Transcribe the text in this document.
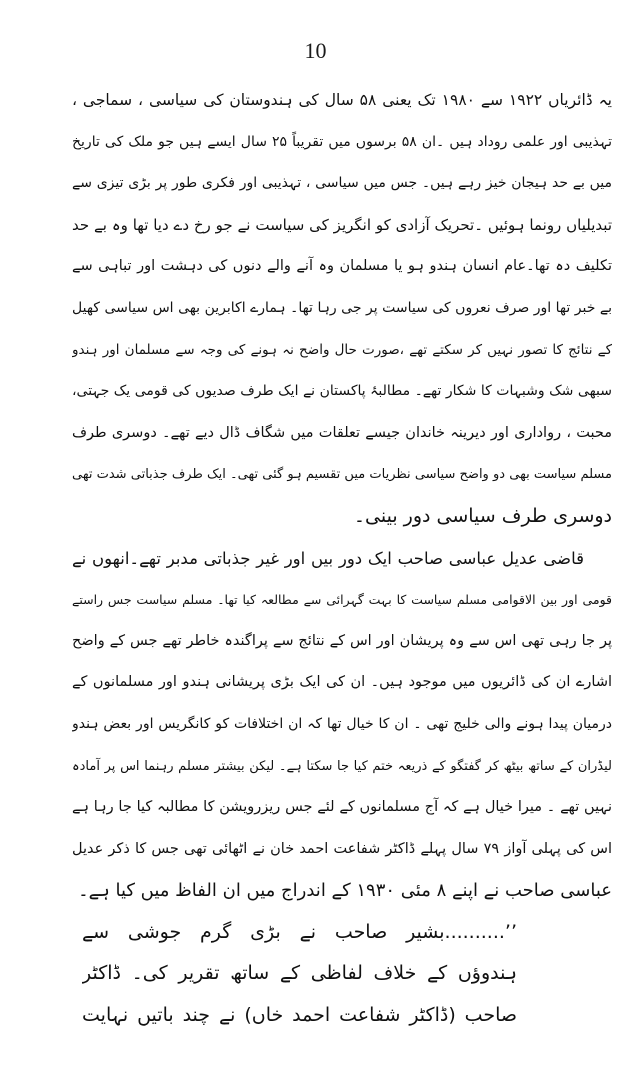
10
یہ ڈائریاں ۱۹۲۲ سے ۱۹۸۰ تک یعنی ۵۸ سال کی ہندوستان کی سیاسی ، سماجی ،
تہذیبی اور علمی روداد ہیں ۔ان ۵۸ برسوں میں تقریباً ۲۵ سال ایسے ہیں جو ملک کی تاریخ
میں بے حد ہیجان خیز رہے ہیں۔ جس میں سیاسی ، تہذیبی اور فکری طور پر بڑی تیزی سے
تبدیلیاں رونما ہوئیں ۔تحریک آزادی کو انگریز کی سیاست نے جو رخ دے دیا تھا وہ بے حد
تکلیف دہ تھا۔عام انسان ہندو ہو یا مسلمان وہ آنے والے دنوں کی دہشت اور تباہی سے
بے خبر تھا اور صرف نعروں کی سیاست پر جی رہا تھا۔ ہمارے اکابرین بھی اس سیاسی کھیل
کے نتائج کا تصور نہیں کر سکتے تھے ،صورت حال واضح نہ ہونے کی وجہ سے مسلمان اور ہندو
سبھی شک وشبہات کا شکار تھے۔ مطالبۂ پاکستان نے ایک طرف صدیوں کی قومی یک جہتی،
محبت ، رواداری اور دیرینہ خاندان جیسے تعلقات میں شگاف ڈال دیے تھے۔ دوسری طرف
مسلم سیاست بھی دو واضح سیاسی نظریات میں تقسیم ہو گئی تھی۔ ایک طرف جذباتی شدت تھی
دوسری طرف سیاسی دور بینی۔
قاضی عدیل عباسی صاحب ایک دور بیں اور غیر جذباتی مدبر تھے۔انھوں نے
قومی اور بین الاقوامی مسلم سیاست کا بہت گہرائی سے مطالعہ کیا تھا۔ مسلم سیاست جس راستے
پر جا رہی تھی اس سے وہ پریشان اور اس کے نتائج سے پراگندہ خاطر تھے جس کے واضح
اشارے ان کی ڈائریوں میں موجود ہیں۔ ان کی ایک بڑی پریشانی ہندو اور مسلمانوں کے
درمیان پیدا ہونے والی خلیج تھی ۔ ان کا خیال تھا کہ ان اختلافات کو کانگریس اور بعض ہندو
لیڈران کے ساتھ بیٹھ کر گفتگو کے ذریعہ ختم کیا جا سکتا ہے۔ لیکن بیشتر مسلم رہنما اس پر آمادہ
نہیں تھے ۔ میرا خیال ہے کہ آج مسلمانوں کے لئے جس ریزرویشن کا مطالبہ کیا جا رہا ہے
اس کی پہلی آواز ۷۹ سال پہلے ڈاکٹر شفاعت احمد خان نے اٹھائی تھی جس کا ذکر عدیل
عباسی صاحب نے اپنے ۸ مئی ۱۹۳۰ کے اندراج میں ان الفاظ میں کیا ہے۔
’’..........بشیر صاحب نے بڑی گرم جوشی سے
ہندوؤں کے خلاف لفاظی کے ساتھ تقریر کی۔ ڈاکٹر
صاحب (ڈاکٹر شفاعت احمد خاں) نے چند باتیں نہایت
